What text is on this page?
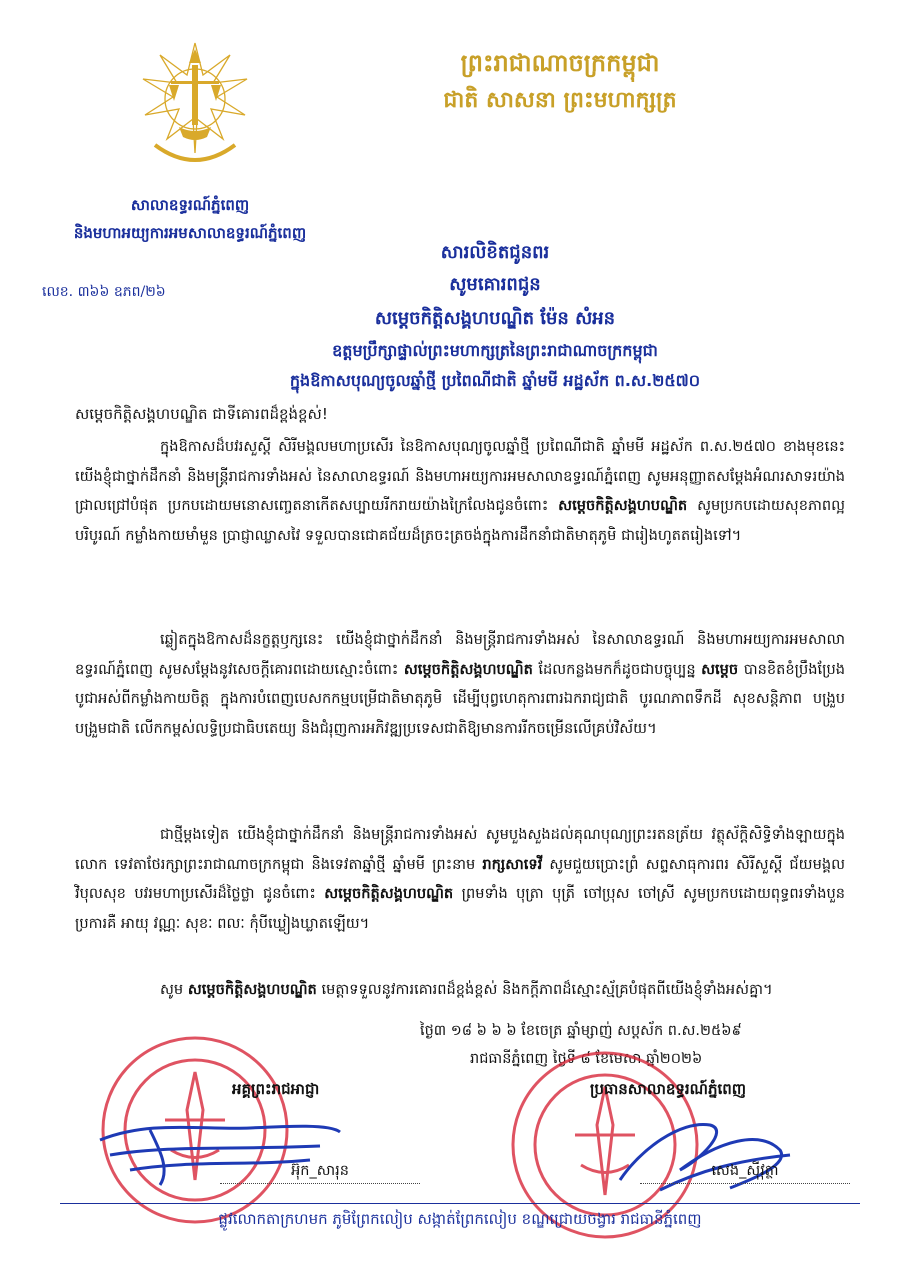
ព្រះរាជាណាចក្រកម្ពុជា
ជាតិ សាសនា ព្រះមហាក្សត្រ
សាលាឧទ្ធរណ៍ភ្នំពេញ
និងមហាអយ្យការអមសាលាឧទ្ធរណ៍ភ្នំពេញ
លេខ. ៣៦៦ ឧភព/២៦
សារលិខិតជូនពរ
សូមគោរពជូន
សម្តេចកិត្តិសង្គហបណ្ឌិត ម៉ែន សំអន
ឧត្តមប្រឹក្សាផ្ទាល់ព្រះមហាក្សត្រនៃព្រះរាជាណាចក្រកម្ពុជា
ក្នុងឱកាសបុណ្យចូលឆ្នាំថ្មី ប្រពៃណីជាតិ ឆ្នាំមមី អដ្ឋស័ក ព.ស.២៥៧០
សម្តេចកិត្តិសង្គហបណ្ឌិត ជាទីគោរពដ៏ខ្ពង់ខ្ពស់!

ក្នុងឱកាសដ៏បវរសួស្តី សិរីមង្គលមហាប្រសើរ នៃឱកាសបុណ្យចូលឆ្នាំថ្មី ប្រពៃណីជាតិ ឆ្នាំមមី អដ្ឋស័ក ព.ស.២៥៧០ ខាងមុខនេះ យើងខ្ញុំជាថ្នាក់ដឹកនាំ និងមន្ត្រីរាជការទាំងអស់ នៃសាលាឧទ្ធរណ៍ និងមហាអយ្យការអមសាលាឧទ្ធរណ៍ភ្នំពេញ សូមអនុញ្ញាតសម្តែងអំណរសាទរយ៉ាងជ្រាលជ្រៅបំផុត ប្រកបដោយមនោសញ្ចេតនាកើតសប្បាយរីករាយយ៉ាងក្រៃលែងជូនចំពោះ សម្តេចកិត្តិសង្គហបណ្ឌិត សូមប្រកបដោយសុខភាពល្អបរិបូរណ៍ កម្លាំងកាយមាំមួន ប្រាជ្ញាឈ្លាសវៃ ទទួលបានជោគជ័យដ៏ត្រចះត្រចង់ក្នុងការដឹកនាំជាតិមាតុភូមិ ជារៀងហូតតរៀងទៅ។

ឆ្លៀតក្នុងឱកាសដ៏នក្ខត្តឫក្សនេះ យើងខ្ញុំជាថ្នាក់ដឹកនាំ និងមន្ត្រីរាជការទាំងអស់ នៃសាលាឧទ្ធរណ៍ និងមហាអយ្យការអមសាលាឧទ្ធរណ៍ភ្នំពេញ សូមសម្តែងនូវសេចក្តីគោរពដោយស្មោះចំពោះ សម្តេចកិត្តិសង្គហបណ្ឌិត ដែលកន្លងមកក៏ដូចជាបច្ចុប្បន្ន សម្តេច បានខិតខំប្រឹងប្រែងបូជាអស់ពីកម្លាំងកាយចិត្ត ក្នុងការបំពេញបេសកកម្មបម្រើជាតិមាតុភូមិ ដើម្បីបុព្វហេតុការពារឯករាជ្យជាតិ បូរណភាពទឹកដី សុខសន្តិភាព បង្រួបបង្រួមជាតិ លើកកម្ពស់លទ្ធិប្រជាធិបតេយ្យ និងជំរុញការអភិវឌ្ឍប្រទេសជាតិឱ្យមានការរីកចម្រើនលើគ្រប់វិស័យ។

ជាថ្មីម្តងទៀត យើងខ្ញុំជាថ្នាក់ដឹកនាំ និងមន្ត្រីរាជការទាំងអស់ សូមបួងសួងដល់គុណបុណ្យព្រះរតនត្រ័យ វត្ថុស័ក្តិសិទ្ធិទាំងឡាយក្នុងលោក ទេវតាថែរក្សាព្រះរាជាណាចក្រកម្ពុជា និងទេវតាឆ្នាំថ្មី ឆ្នាំមមី ព្រះនាម រាក្សសាទេវី សូមជួយប្រោះព្រំ សព្ទសាធុការពរ សិរីសួស្តី ជ័យមង្គល វិបុលសុខ បវរមហាប្រសើរដ៏ថ្លៃថ្លា ជូនចំពោះ សម្តេចកិត្តិសង្គហបណ្ឌិត ព្រមទាំង បុត្រា បុត្រី ចៅប្រុស ចៅស្រី សូមប្រកបដោយពុទ្ធពរទាំងបួនប្រការគឺ អាយុ វណ្ណៈ សុខៈ ពលៈ កុំបីឃ្លៀងឃ្លាតឡើយ។

សូម សម្តេចកិត្តិសង្គហបណ្ឌិត មេត្តាទទួលនូវការគោរពដ៏ខ្ពង់ខ្ពស់ និងកក្តីភាពដ៏ស្មោះស្ម័គ្របំផុតពីយើងខ្ញុំទាំងអស់គ្នា។

ថ្ងៃ៣ ១៨ ៦ ៦ ៦ ខែចេត្រ ឆ្នាំម្សាញ់ សប្តស័ក ព.ស.២៥៦៩
រាជធានីភ្នំពេញ ថ្ងៃទី ៨ ខែមេសា ឆ្នាំ២០២៦
អគ្គព្រះរាជអាជ្ញា	ប្រធានសាលាឧទ្ធរណ៍ភ្នំពេញ
អ៊ុក_សារុន	សេង_ស៊ីវុត្ថា
ផ្លូវលោកតាក្រហមក ភូមិព្រែកលៀប សង្កាត់ព្រែកលៀប ខណ្ឌជ្រោយចង្វារ រាជធានីភ្នំពេញ
